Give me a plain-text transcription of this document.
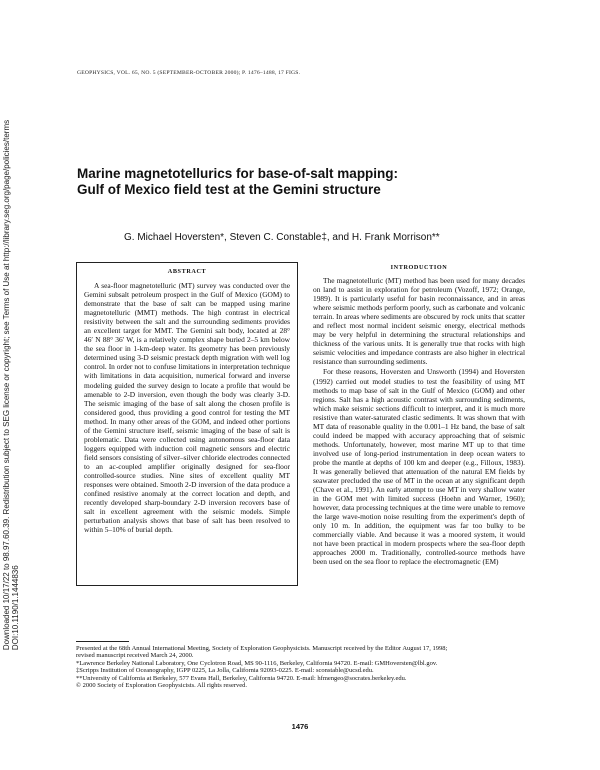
Downloaded 10/17/22 to 98.97.60.39. Redistribution subject to SEG license or copyright; see Terms of Use at http://library.seg.org/page/policies/terms DOI:10.1190/1.1444836
GEOPHYSICS, VOL. 65, NO. 5 (SEPTEMBER-OCTOBER 2000); P. 1476–1488, 17 FIGS.
Marine magnetotellurics for base-of-salt mapping:
Gulf of Mexico field test at the Gemini structure
G. Michael Hoversten*, Steven C. Constable‡, and H. Frank Morrison**
ABSTRACT

A sea-floor magnetotelluric (MT) survey was conducted over the Gemini subsalt petroleum prospect in the Gulf of Mexico (GOM) to demonstrate that the base of salt can be mapped using marine magnetotelluric (MMT) methods. The high contrast in electrical resistivity between the salt and the surrounding sediments provides an excellent target for MMT. The Gemini salt body, located at 28° 46′ N 88° 36′ W, is a relatively complex shape buried 2–5 km below the sea floor in 1-km-deep water. Its geometry has been previously determined using 3-D seismic prestack depth migration with well log control. In order not to confuse limitations in interpretation technique with limitations in data acquisition, numerical forward and inverse modeling guided the survey design to locate a profile that would be amenable to 2-D inversion, even though the body was clearly 3-D. The seismic imaging of the base of salt along the chosen profile is considered good, thus providing a good control for testing the MT method. In many other areas of the GOM, and indeed other portions of the Gemini structure itself, seismic imaging of the base of salt is problematic. Data were collected using autonomous sea-floor data loggers equipped with induction coil magnetic sensors and electric field sensors consisting of silver–silver chloride electrodes connected to an ac-coupled amplifier originally designed for sea-floor controlled-source studies. Nine sites of excellent quality MT responses were obtained. Smooth 2-D inversion of the data produce a confined resistive anomaly at the correct location and depth, and recently developed sharp-boundary 2-D inversion recovers base of salt in excellent agreement with the seismic models. Simple perturbation analysis shows that base of salt has been resolved to within 5–10% of burial depth.

INTRODUCTION

The magnetotelluric (MT) method has been used for many decades on land to assist in exploration for petroleum (Vozoff, 1972; Orange, 1989). It is particularly useful for basin reconnaissance, and in areas where seismic methods perform poorly, such as carbonate and volcanic terrain. In areas where sediments are obscured by rock units that scatter and reflect most normal incident seismic energy, electrical methods may be very helpful in determining the structural relationships and thickness of the various units. It is generally true that rocks with high seismic velocities and impedance contrasts are also higher in electrical resistance than surrounding sediments.

For these reasons, Hoversten and Unsworth (1994) and Hoversten (1992) carried out model studies to test the feasibility of using MT methods to map base of salt in the Gulf of Mexico (GOM) and other regions. Salt has a high acoustic contrast with surrounding sediments, which make seismic sections difficult to interpret, and it is much more resistive than water-saturated clastic sediments. It was shown that with MT data of reasonable quality in the 0.001–1 Hz band, the base of salt could indeed be mapped with accuracy approaching that of seismic methods. Unfortunately, however, most marine MT up to that time involved use of long-period instrumentation in deep ocean waters to probe the mantle at depths of 100 km and deeper (e.g., Filloux, 1983). It was generally believed that attenuation of the natural EM fields by seawater precluded the use of MT in the ocean at any significant depth (Chave et al., 1991). An early attempt to use MT in very shallow water in the GOM met with limited success (Hoehn and Warner, 1960); however, data processing techniques at the time were unable to remove the large wave-motion noise resulting from the experiment's depth of only 10 m. In addition, the equipment was far too bulky to be commercially viable. And because it was a moored system, it would not have been practical in modern prospects where the sea-floor depth approaches 2000 m. Traditionally, controlled-source methods have been used on the sea floor to replace the electromagnetic (EM)

Presented at the 68th Annual International Meeting, Society of Exploration Geophysicists. Manuscript received by the Editor August 17, 1998;
revised manuscript received March 24, 2000.
*Lawrence Berkeley National Laboratory, One Cyclotron Road, MS 90-1116, Berkeley, California 94720. E-mail: GMHoversten@lbl.gov.
‡Scripps Institution of Oceanography, IGPP 0225, La Jolla, California 92093-0225. E-mail: sconstable@ucsd.edu.
**University of California at Berkeley, 577 Evans Hall, Berkeley, California 94720. E-mail: hfmengeo@socrates.berkeley.edu.
© 2000 Society of Exploration Geophysicists. All rights reserved.
1476
